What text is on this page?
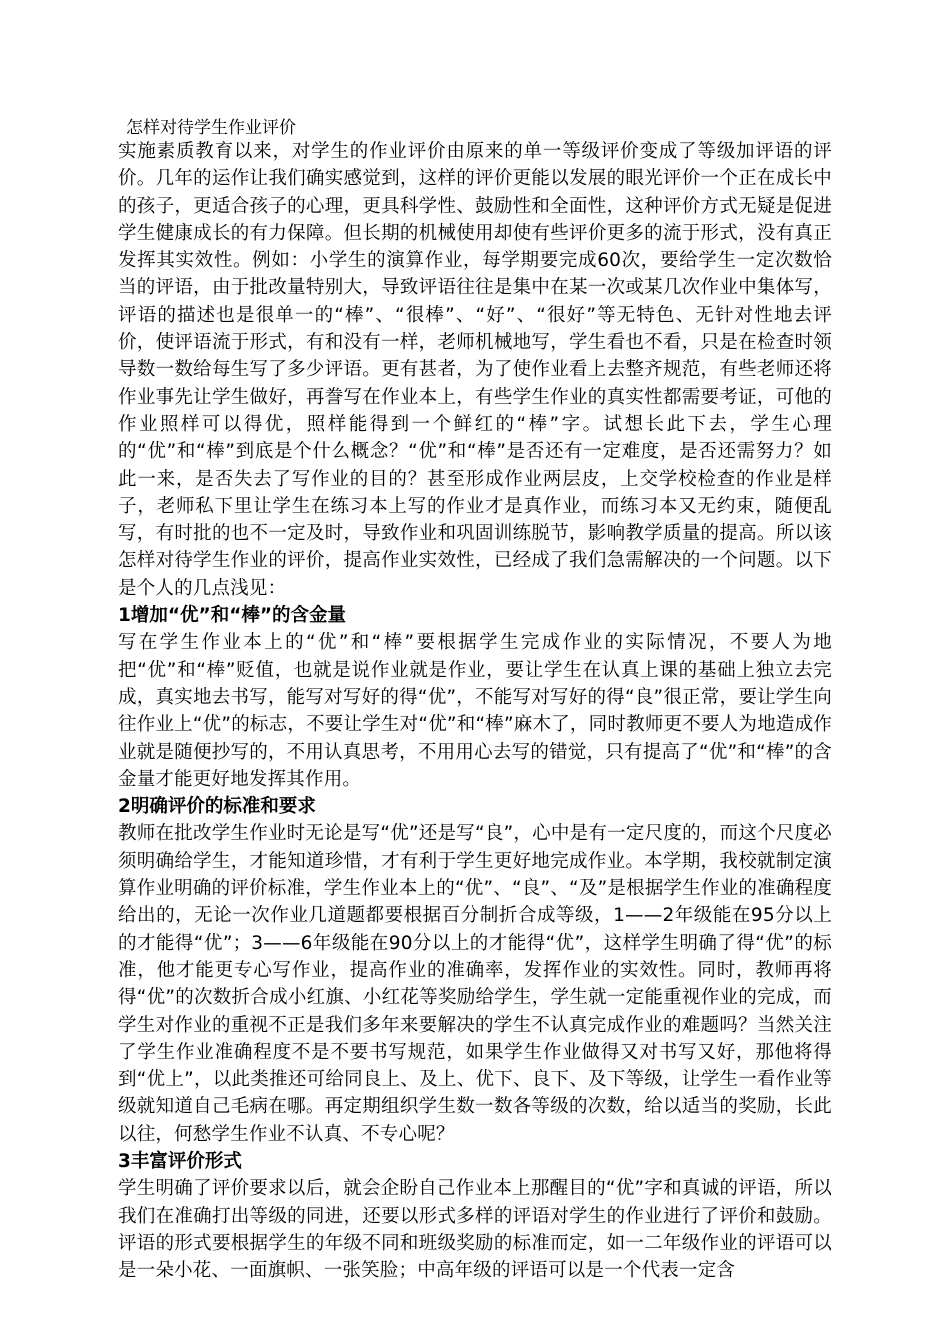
怎样对待学生作业评价

实施素质教育以来，对学生的作业评价由原来的单一等级评价变成了等级加评语的评价。几年的运作让我们确实感觉到，这样的评价更能以发展的眼光评价一个正在成长中的孩子，更适合孩子的心理，更具科学性、鼓励性和全面性，这种评价方式无疑是促进学生健康成长的有力保障。但长期的机械使用却使有些评价更多的流于形式，没有真正发挥其实效性。例如：小学生的演算作业，每学期要完成60次，要给学生一定次数恰当的评语，由于批改量特别大，导致评语往往是集中在某一次或某几次作业中集体写，评语的描述也是很单一的“棒”、“很棒”、“好”、“很好”等无特色、无针对性地去评价，使评语流于形式，有和没有一样，老师机械地写，学生看也不看，只是在检查时领导数一数给每生写了多少评语。更有甚者，为了使作业看上去整齐规范，有些老师还将作业事先让学生做好，再誊写在作业本上，有些学生作业的真实性都需要考证，可他的作业照样可以得优，照样能得到一个鲜红的“棒”字。试想长此下去，学生心理的“优”和“棒”到底是个什么概念？“优”和“棒”是否还有一定难度，是否还需努力？如此一来，是否失去了写作业的目的？甚至形成作业两层皮，上交学校检查的作业是样子，老师私下里让学生在练习本上写的作业才是真作业，而练习本又无约束，随便乱写，有时批的也不一定及时，导致作业和巩固训练脱节，影响教学质量的提高。所以该怎样对待学生作业的评价，提高作业实效性，已经成了我们急需解决的一个问题。以下是个人的几点浅见：

1增加“优”和“棒”的含金量

写在学生作业本上的“优”和“棒”要根据学生完成作业的实际情况，不要人为地把“优”和“棒”贬值，也就是说作业就是作业，要让学生在认真上课的基础上独立去完成，真实地去书写，能写对写好的得“优”，不能写对写好的得“良”很正常，要让学生向往作业上“优”的标志，不要让学生对“优”和“棒”麻木了，同时教师更不要人为地造成作业就是随便抄写的，不用认真思考，不用用心去写的错觉，只有提高了“优”和“棒”的含金量才能更好地发挥其作用。

2明确评价的标准和要求

教师在批改学生作业时无论是写“优”还是写“良”，心中是有一定尺度的，而这个尺度必须明确给学生，才能知道珍惜，才有利于学生更好地完成作业。本学期，我校就制定演算作业明确的评价标准，学生作业本上的“优”、“良”、“及”是根据学生作业的准确程度给出的，无论一次作业几道题都要根据百分制折合成等级，1——2年级能在95分以上的才能得“优”；3——6年级能在90分以上的才能得“优”，这样学生明确了得“优”的标准，他才能更专心写作业，提高作业的准确率，发挥作业的实效性。同时，教师再将得“优”的次数折合成小红旗、小红花等奖励给学生，学生就一定能重视作业的完成，而学生对作业的重视不正是我们多年来要解决的学生不认真完成作业的难题吗？当然关注了学生作业准确程度不是不要书写规范，如果学生作业做得又对书写又好，那他将得到“优上”，以此类推还可给同良上、及上、优下、良下、及下等级，让学生一看作业等级就知道自己毛病在哪。再定期组织学生数一数各等级的次数，给以适当的奖励，长此以往，何愁学生作业不认真、不专心呢？

3丰富评价形式

学生明确了评价要求以后，就会企盼自己作业本上那醒目的“优”字和真诚的评语，所以我们在准确打出等级的同进，还要以形式多样的评语对学生的作业进行了评价和鼓励。评语的形式要根据学生的年级不同和班级奖励的标准而定，如一二年级作业的评语可以是一朵小花、一面旗帜、一张笑脸；中高年级的评语可以是一个代表一定含
